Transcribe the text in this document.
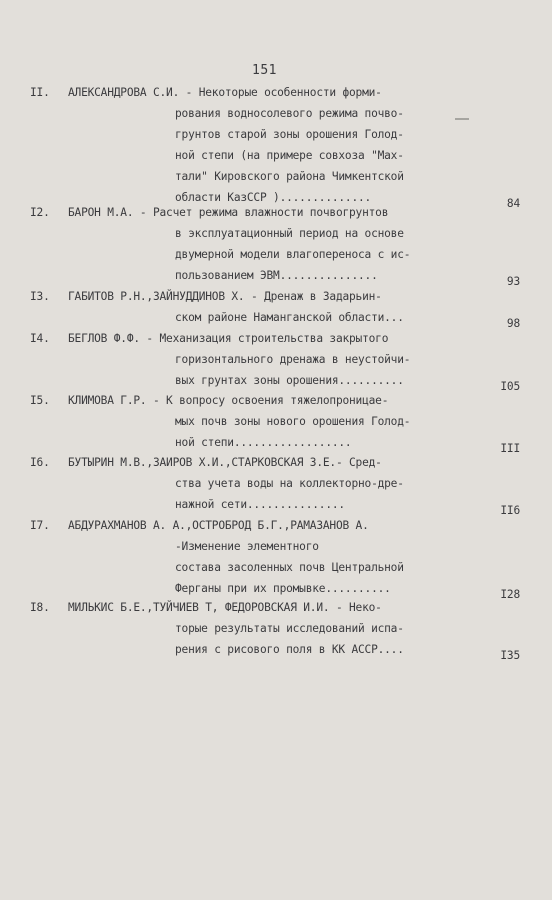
151
II. АЛЕКСАНДРОВА С.И. - Некоторые особенности форми-
рования водносолевого режима почво-
грунтов старой зоны орошения Голод-
ной степи (на примере совхоза "Мах-
тали" Кировского района Чимкентской
области КазССР )..............	84
I2. БАРОН М.А. - Расчет режима влажности почвогрунтов
в эксплуатационный период на основе
двумерной модели влагопереноса с ис-
пользованием ЭВМ...............	93
I3. ГАБИТОВ Р.Н.,ЗАЙНУДДИНОВ Х. - Дренаж в Задарьин-
ском районе Наманганской области...	98
I4. БЕГЛОВ Ф.Ф. - Механизация строительства закрытого
горизонтального дренажа в неустойчи-
вых грунтах зоны орошения..........	I05
I5. КЛИМОВА Г.Р. - К вопросу освоения тяжелопроницае-
мых почв зоны нового орошения Голод-
ной степи..................	III
I6. БУТЫРИН М.В.,ЗАИРОВ Х.И.,СТАРКОВСКАЯ З.Е.- Сред-
ства учета воды на коллекторно-дре-
нажной сети...............	II6
I7. АБДУРАХМАНОВ А. А.,ОСТРОБРОД Б.Г.,РАМАЗАНОВ А.
-Изменение элементного
состава засоленных почв Центральной
Ферганы при их промывке..........	I28
I8. МИЛЬКИС Б.Е.,ТУЙЧИЕВ Т, ФЕДОРОВСКАЯ И.И. - Неко-
торые результаты исследований испа-
рения с рисового поля в КК АССР....	I35
